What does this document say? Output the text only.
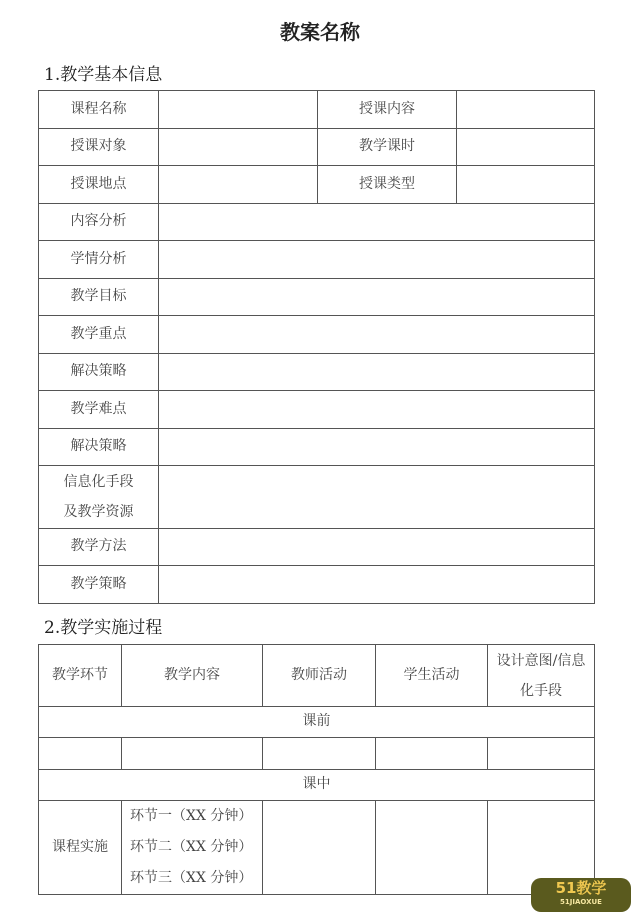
教案名称
1.教学基本信息
课程名称		授课内容	
授课对象		教学课时	
授课地点		授课类型	
内容分析			
学情分析			
教学目标			
教学重点			
解决策略			
教学难点			
解决策略			
信息化手段及教学资源			
教学方法			
教学策略			
2.教学实施过程
教学环节	教学内容	教师活动	学生活动	设计意图/信息化手段
课前				

课中				
课程实施	环节一（XX 分钟）
环节二（XX 分钟）
环节三（XX 分钟）			

51教学
51JIAOXUE
